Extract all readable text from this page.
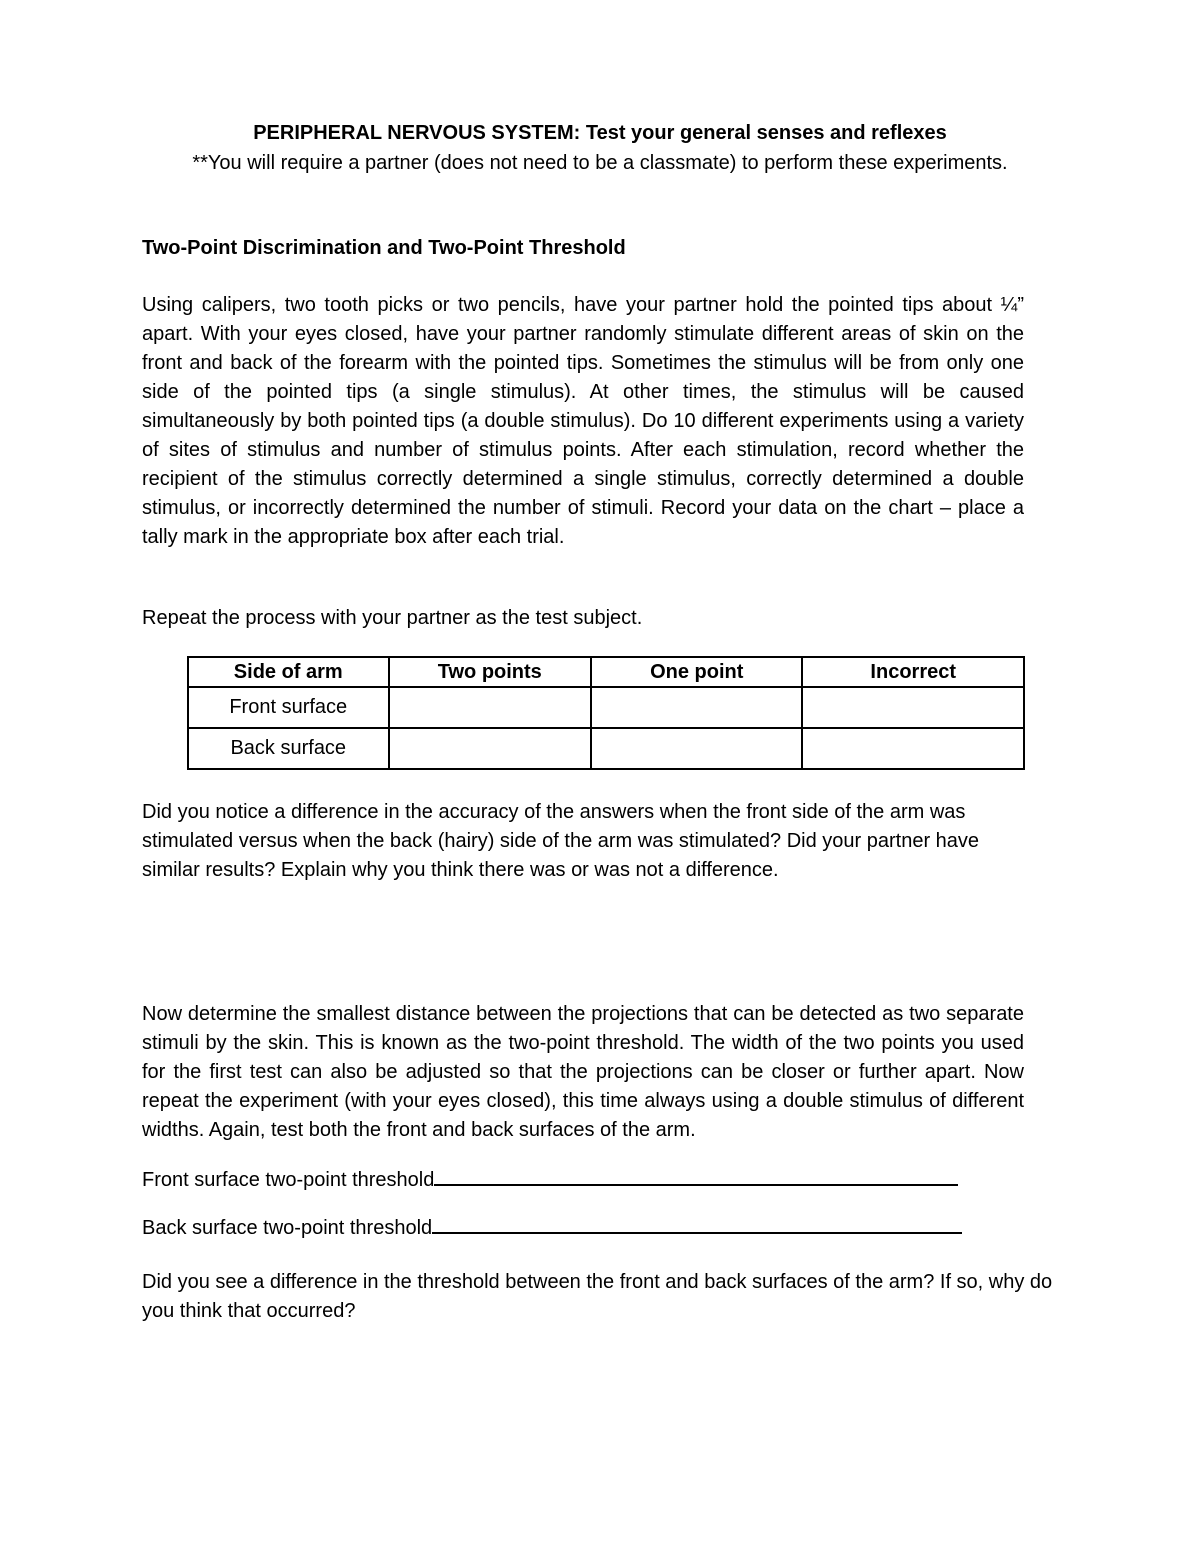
PERIPHERAL NERVOUS SYSTEM: Test your general senses and reflexes
**You will require a partner (does not need to be a classmate) to perform these experiments.
Two-Point Discrimination and Two-Point Threshold
Using calipers, two tooth picks or two pencils, have your partner hold the pointed tips about ¼” apart. With your eyes closed, have your partner randomly stimulate different areas of skin on the front and back of the forearm with the pointed tips. Sometimes the stimulus will be from only one side of the pointed tips (a single stimulus). At other times, the stimulus will be caused simultaneously by both pointed tips (a double stimulus). Do 10 different experiments using a variety of sites of stimulus and number of stimulus points. After each stimulation, record whether the recipient of the stimulus correctly determined a single stimulus, correctly determined a double stimulus, or incorrectly determined the number of stimuli. Record your data on the chart – place a tally mark in the appropriate box after each trial.
Repeat the process with your partner as the test subject.
Side of arm	Two points	One point	Incorrect
Front surface			
Back surface			
Did you notice a difference in the accuracy of the answers when the front side of the arm was stimulated versus when the back (hairy) side of the arm was stimulated? Did your partner have similar results? Explain why you think there was or was not a difference.
Now determine the smallest distance between the projections that can be detected as two separate stimuli by the skin. This is known as the two-point threshold. The width of the two points you used for the first test can also be adjusted so that the projections can be closer or further apart. Now repeat the experiment (with your eyes closed), this time always using a double stimulus of different widths. Again, test both the front and back surfaces of the arm.
Front surface two-point threshold
Back surface two-point threshold
Did you see a difference in the threshold between the front and back surfaces of the arm? If so, why do you think that occurred?
